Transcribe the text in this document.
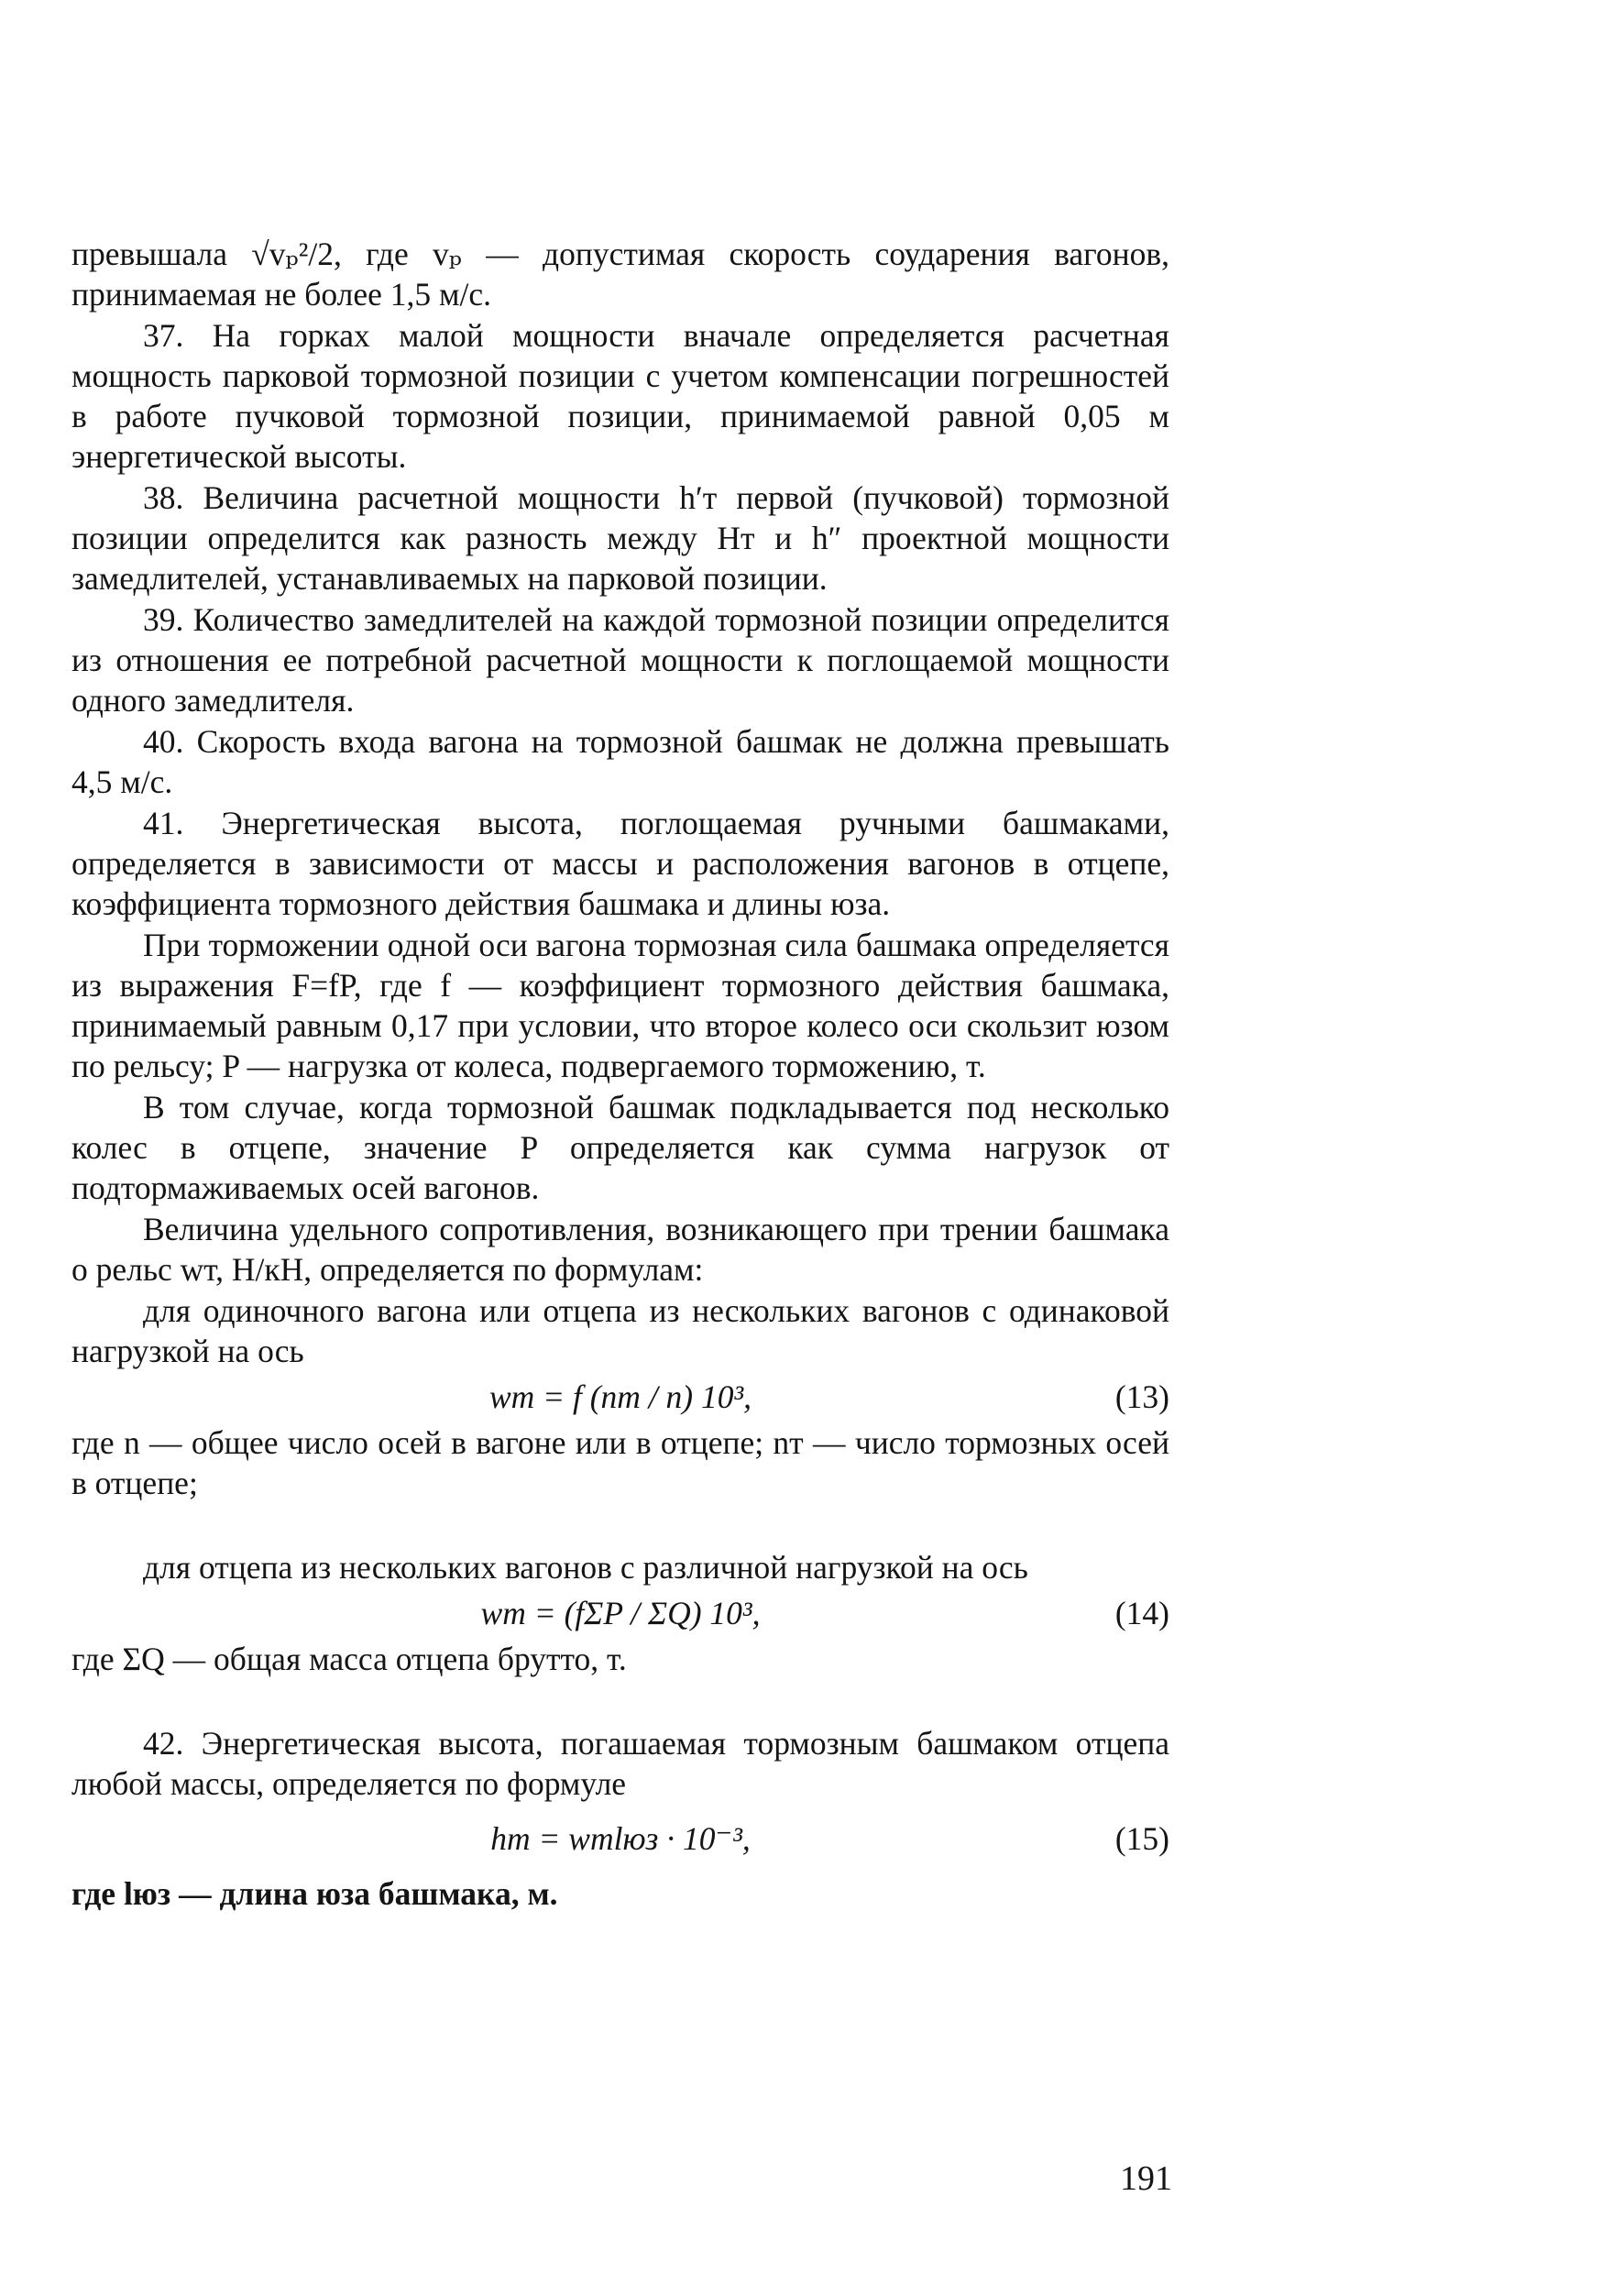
превышала √vₚ²/2, где vₚ — допустимая скорость соударения вагонов, принимаемая не более 1,5 м/с.

37. На горках малой мощности вначале определяется расчетная мощность парковой тормозной позиции с учетом компенсации погрешностей в работе пучковой тормозной позиции, принимаемой равной 0,05 м энергетической высоты.

38. Величина расчетной мощности h′т первой (пучковой) тормозной позиции определится как разность между Hт и h″ проектной мощности замедлителей, устанавливаемых на парковой позиции.

39. Количество замедлителей на каждой тормозной позиции определится из отношения ее потребной расчетной мощности к поглощаемой мощности одного замедлителя.

40. Скорость входа вагона на тормозной башмак не должна превышать 4,5 м/с.

41. Энергетическая высота, поглощаемая ручными башмаками, определяется в зависимости от массы и расположения вагонов в отцепе, коэффициента тормозного действия башмака и длины юза.

При торможении одной оси вагона тормозная сила башмака определяется из выражения F=fP, где f — коэффициент тормозного действия башмака, принимаемый равным 0,17 при условии, что второе колесо оси скользит юзом по рельсу; P — нагрузка от колеса, подвергаемого торможению, т.

В том случае, когда тормозной башмак подкладывается под несколько колес в отцепе, значение P определяется как сумма нагрузок от подтормаживаемых осей вагонов.

Величина удельного сопротивления, возникающего при трении башмака о рельс wт, Н/кН, определяется по формулам:

для одиночного вагона или отцепа из нескольких вагонов с одинаковой нагрузкой на ось

wт = f (nт / n) 10³,	(13)

где n — общее число осей в вагоне или в отцепе; nт — число тормозных осей в отцепе;

для отцепа из нескольких вагонов с различной нагрузкой на ось

wт = (fΣP / ΣQ) 10³,	(14)

где ΣQ — общая масса отцепа брутто, т.

42. Энергетическая высота, погашаемая тормозным башмаком отцепа любой массы, определяется по формуле

hт = wтlюз · 10⁻³,	(15)

где lюз — длина юза башмака, м.

191
